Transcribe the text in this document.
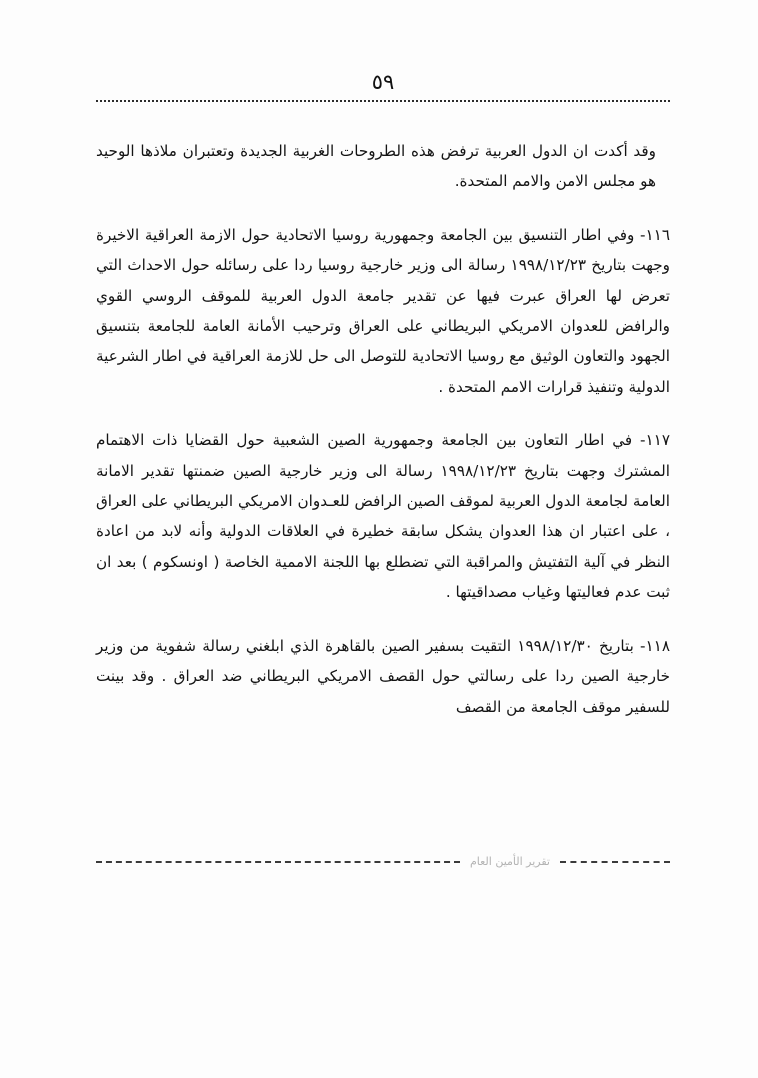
٥٩

وقد أكدت ان الدول العربية ترفض هذه الطروحات الغربية الجديدة وتعتبران ملاذها الوحيد هو مجلس الامن والامم المتحدة.

١١٦- وفي اطار التنسيق بين الجامعة وجمهورية روسيا الاتحادية حول الازمة العراقية الاخيرة وجهت بتاريخ ١٩٩٨/١٢/٢٣ رسالة الى وزير خارجية روسيا ردا على رسائله حول الاحداث التي تعرض لها العراق عبرت فيها عن تقدير جامعة الدول العربية للموقف الروسي القوي والرافض للعدوان الامريكي البريطاني على العراق وترحيب الأمانة العامة للجامعة بتنسيق الجهود والتعاون الوثيق مع روسيا الاتحادية للتوصل الى حل للازمة العراقية في اطار الشرعية الدولية وتنفيذ قرارات الامم المتحدة .

١١٧- في اطار التعاون بين الجامعة وجمهورية الصين الشعبية حول القضايا ذات الاهتمام المشترك وجهت بتاريخ ١٩٩٨/١٢/٢٣ رسالة الى وزير خارجية الصين ضمنتها تقدير الامانة العامة لجامعة الدول العربية لموقف الصين الرافض للعـدوان الامريكي البريطاني على العراق ، على اعتبار ان هذا العدوان يشكل سابقة خطيرة في العلاقات الدولية وأنه لابد من اعادة النظر في آلية التفتيش والمراقبة التي تضطلع بها اللجنة الاممية الخاصة ( اونسكوم ) بعد ان ثبت عدم فعاليتها وغياب مصداقيتها .

١١٨- بتاريخ ١٩٩٨/١٢/٣٠ التقيت بسفير الصين بالقاهرة الذي ابلغني رسالة شفوية من وزير خارجية الصين ردا على رسالتي حول القصف الامريكي البريطاني ضد العراق . وقد بينت للسفير موقف الجامعة من القصف

تقرير الأمين العام
